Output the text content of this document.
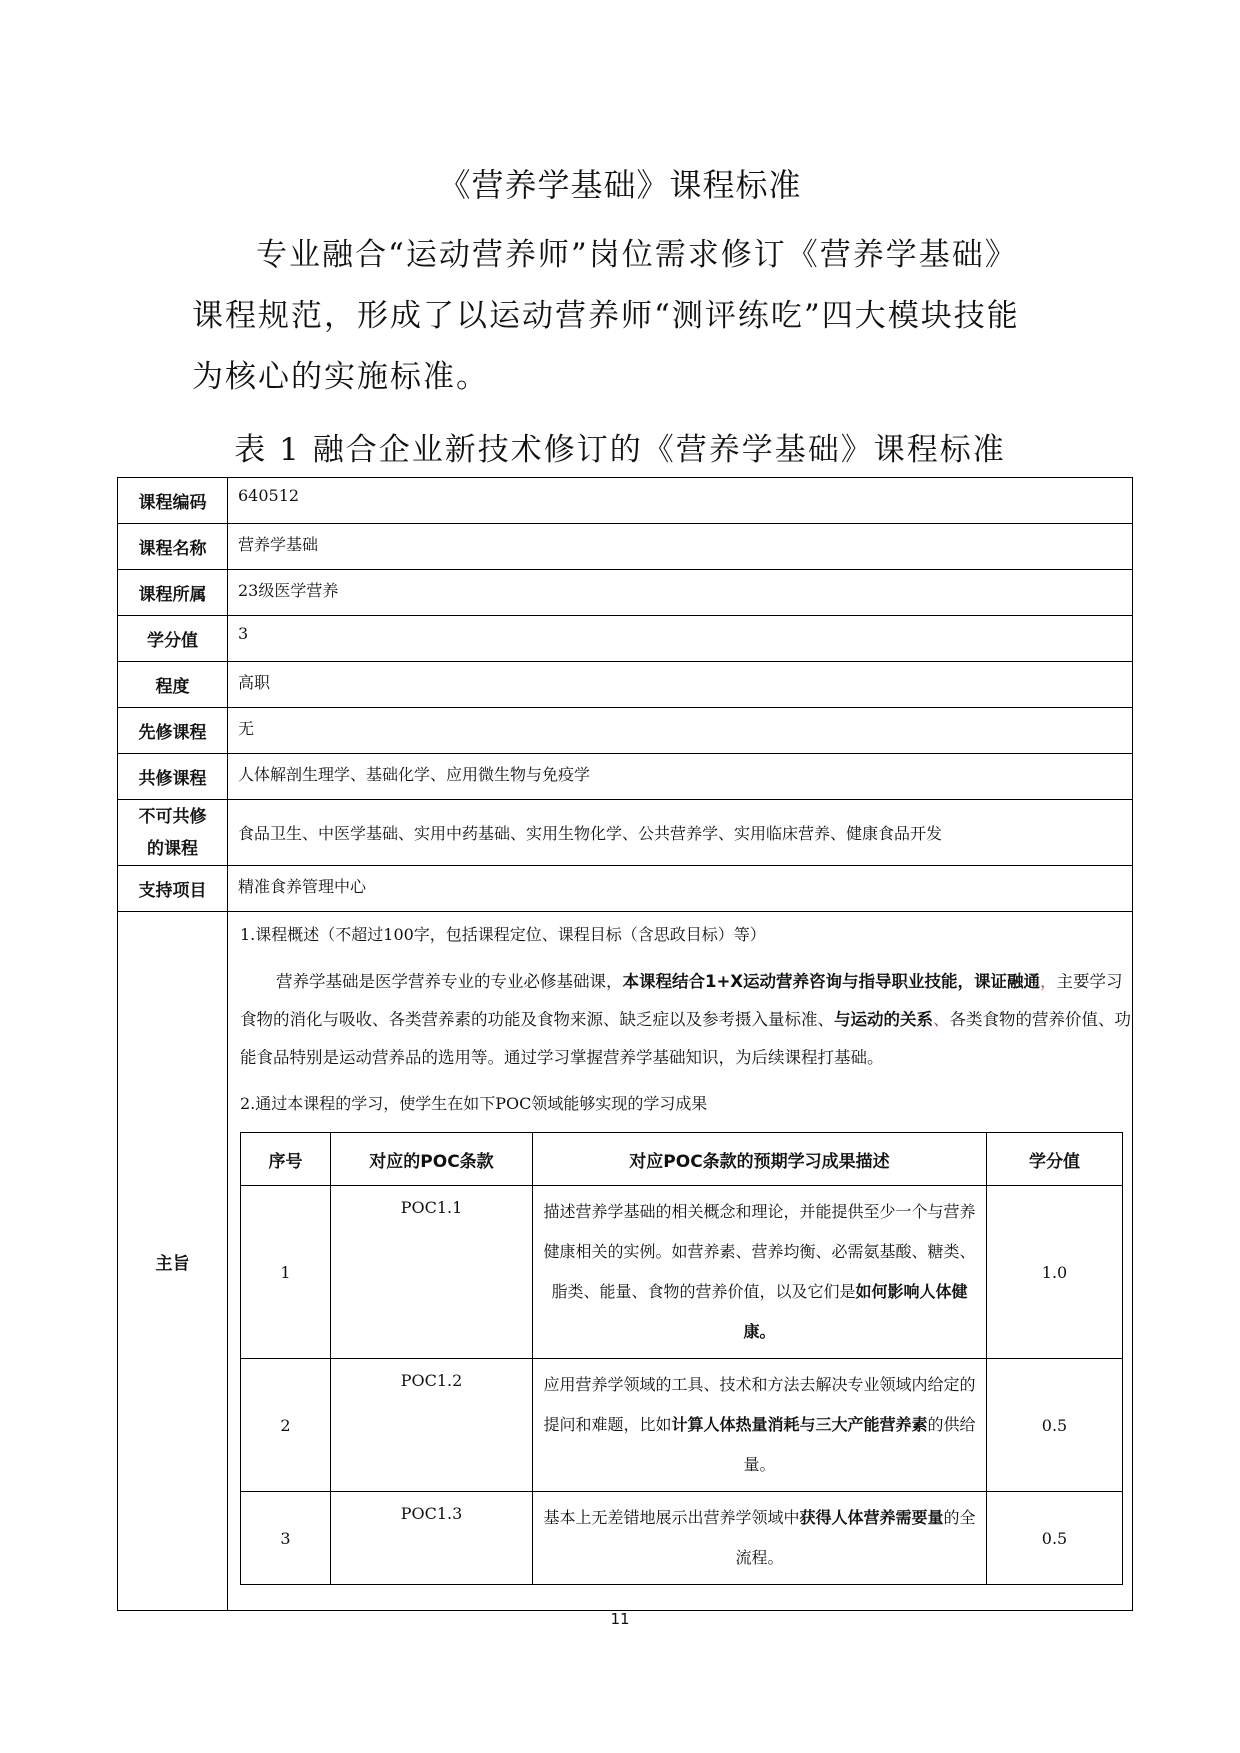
《营养学基础》课程标准

专业融合“运动营养师”岗位需求修订《营养学基础》
课程规范，形成了以运动营养师“测评练吃”四大模块技能
为核心的实施标准。

表 1 融合企业新技术修订的《营养学基础》课程标准
课程编码	640512
课程名称	营养学基础
课程所属	23级医学营养
学分值	3
程度	高职
先修课程	无
共修课程	人体解剖生理学、基础化学、应用微生物与免疫学
不可共修
的课程	食品卫生、中医学基础、实用中药基础、实用生物化学、公共营养学、实用临床营养、健康食品开发
支持项目	精准食养管理中心
主旨	

1.课程概述（不超过100字，包括课程定位、课程目标（含思政目标）等）

营养学基础是医学营养专业的专业必修基础课，本课程结合1+X运动营养咨询与指导职业技能，课证融通，主要学习食物的消化与吸收、各类营养素的功能及食物来源、缺乏症以及参考摄入量标准、与运动的关系、各类食物的营养价值、功能食品特别是运动营养品的选用等。通过学习掌握营养学基础知识，为后续课程打基础。

2.通过本课程的学习，使学生在如下POC领域能够实现的学习成果

序号	对应的POC条款	对应POC条款的预期学习成果描述	学分值
1	POC1.1	描述营养学基础的相关概念和理论，并能提供至少一个与营养健康相关的实例。如营养素、营养均衡、必需氨基酸、糖类、脂类、能量、食物的营养价值，以及它们是如何影响人体健康。	1.0
2	POC1.2	应用营养学领域的工具、技术和方法去解决专业领域内给定的提问和难题，比如计算人体热量消耗与三大产能营养素的供给量。	0.5
3	POC1.3	基本上无差错地展示出营养学领域中获得人体营养需要量的全流程。	0.5
11
